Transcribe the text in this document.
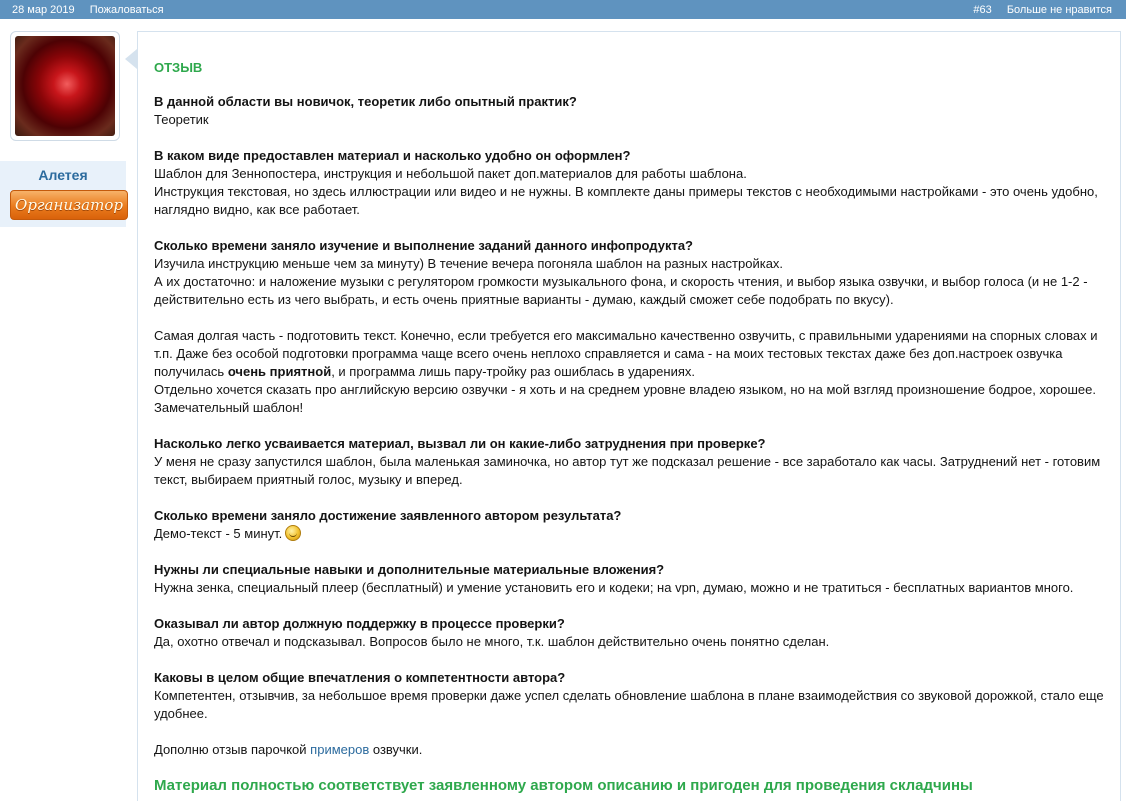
28 мар 2019 Пожаловаться	#63 Больше не нравится
Алетея
Организатор
ОТЗЫВ
В данной области вы новичок, теоретик либо опытный практик?
Теоретик
В каком виде предоставлен материал и насколько удобно он оформлен?
Шаблон для Зеннопостера, инструкция и небольшой пакет доп.материалов для работы шаблона.
Инструкция текстовая, но здесь иллюстрации или видео и не нужны. В комплекте даны примеры текстов с необходимыми настройками - это очень удобно, наглядно видно, как все работает.
Сколько времени заняло изучение и выполнение заданий данного инфопродукта?
Изучила инструкцию меньше чем за минуту) В течение вечера погоняла шаблон на разных настройках.
А их достаточно: и наложение музыки с регулятором громкости музыкального фона, и скорость чтения, и выбор языка озвучки, и выбор голоса (и не 1-2 - действительно есть из чего выбрать, и есть очень приятные варианты - думаю, каждый сможет себе подобрать по вкусу).
Самая долгая часть - подготовить текст. Конечно, если требуется его максимально качественно озвучить, с правильными ударениями на спорных словах и т.п. Даже без особой подготовки программа чаще всего очень неплохо справляется и сама - на моих тестовых текстах даже без доп.настроек озвучка получилась очень приятной, и программа лишь пару-тройку раз ошиблась в ударениях.
Отдельно хочется сказать про английскую версию озвучки - я хоть и на среднем уровне владею языком, но на мой взгляд произношение бодрое, хорошее.
Замечательный шаблон!
Насколько легко усваивается материал, вызвал ли он какие-либо затруднения при проверке?
У меня не сразу запустился шаблон, была маленькая заминочка, но автор тут же подсказал решение - все заработало как часы. Затруднений нет - готовим текст, выбираем приятный голос, музыку и вперед.
Сколько времени заняло достижение заявленного автором результата?
Демо-текст - 5 минут.
Нужны ли специальные навыки и дополнительные материальные вложения?
Нужна зенка, специальный плеер (бесплатный) и умение установить его и кодеки; на vpn, думаю, можно и не тратиться - бесплатных вариантов много.
Оказывал ли автор должную поддержку в процессе проверки?
Да, охотно отвечал и подсказывал. Вопросов было не много, т.к. шаблон действительно очень понятно сделан.
Каковы в целом общие впечатления о компетентности автора?
Компетентен, отзывчив, за небольшое время проверки даже успел сделать обновление шаблона в плане взаимодействия со звуковой дорожкой, стало еще удобнее.
Дополню отзыв парочкой примеров озвучки.
Материал полностью соответствует заявленному автором описанию и пригоден для проведения складчины
